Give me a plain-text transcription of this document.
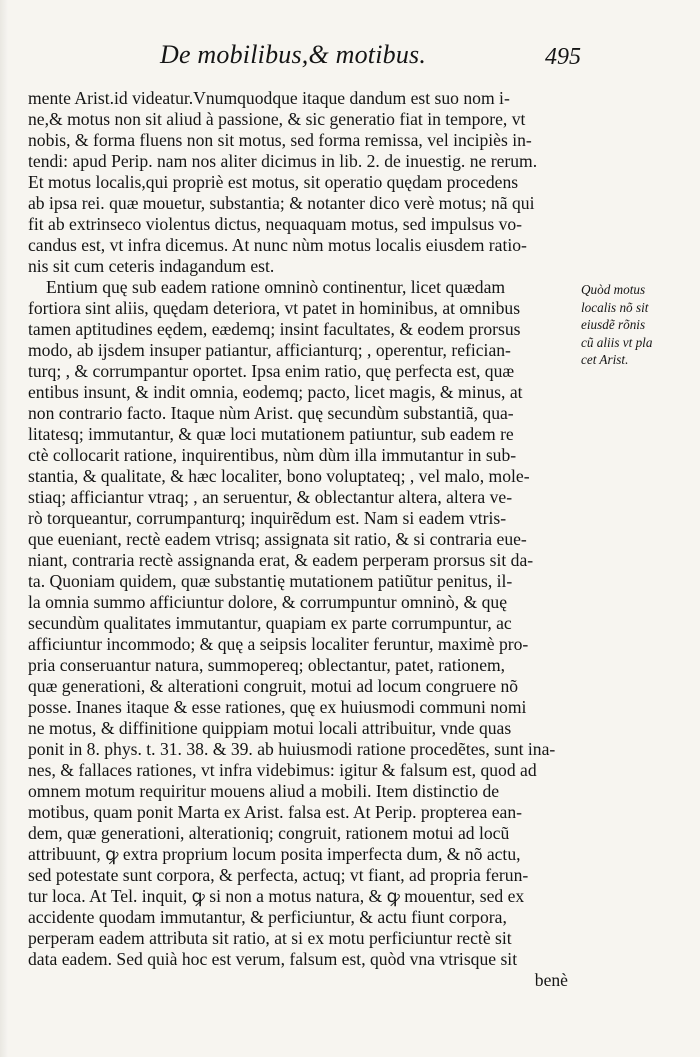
De mobilibus,& motibus.	495
mente Arist.id videatur.Vnumquodque itaque dandum est suo nom i-
ne,& motus non sit aliud à passione, & sic generatio fiat in tempore, vt
nobis, & forma fluens non sit motus, sed forma remissa, vel incipiès in-
tendi: apud Perip. nam nos aliter dicimus in lib. 2. de inuestig. ne rerum.
Et motus localis,qui propriè est motus, sit operatio quędam procedens
ab ipsa rei. quæ mouetur, substantia; & notanter dico verè motus; nã qui
fit ab extrinseco violentus dictus, nequaquam motus, sed impulsus vo-
candus est, vt infra dicemus. At nunc nùm motus localis eiusdem ratio-
nis sit cum ceteris indagandum est.
Entium quę sub eadem ratione omninò continentur, licet quædam
fortiora sint aliis, quędam deteriora, vt patet in hominibus, at omnibus
tamen aptitudines eędem, eædemq; insint facultates, & eodem prorsus
modo, ab ijsdem insuper patiantur, afficianturq; , operentur, refician-
turq; , & corrumpantur oportet. Ipsa enim ratio, quę perfecta est, quæ
entibus insunt, & indit omnia, eodemq; pacto, licet magis, & minus, at
non contrario facto. Itaque nùm Arist. quę secundùm substantiã, qua-
litatesq; immutantur, & quæ loci mutationem patiuntur, sub eadem re
ctè collocarit ratione, inquirentibus, nùm dùm illa immutantur in sub-
stantia, & qualitate, & hæc localiter, bono voluptateq; , vel malo, mole-
stiaq; afficiantur vtraq; , an seruentur, & oblectantur altera, altera ve-
rò torqueantur, corrumpanturq; inquirẽdum est. Nam si eadem vtris-
que eueniant, rectè eadem vtrisq; assignata sit ratio, & si contraria eue-
niant, contraria rectè assignanda erat, & eadem perperam prorsus sit da-
ta. Quoniam quidem, quæ substantię mutationem patiũtur penitus, il-
la omnia summo afficiuntur dolore, & corrumpuntur omninò, & quę
secundùm qualitates immutantur, quapiam ex parte corrumpuntur, ac
afficiuntur incommodo; & quę a seipsis localiter feruntur, maximè pro-
pria conseruantur natura, summopereq; oblectantur, patet, rationem,
quæ generationi, & alterationi congruit, motui ad locum congruere nõ
posse. Inanes itaque & esse rationes, quę ex huiusmodi communi nomi
ne motus, & diffinitione quippiam motui locali attribuitur, vnde quas
ponit in 8. phys. t. 31. 38. & 39. ab huiusmodi ratione procedẽtes, sunt ina-
nes, & fallaces rationes, vt infra videbimus: igitur & falsum est, quod ad
omnem motum requiritur mouens aliud a mobili. Item distinctio de
motibus, quam ponit Marta ex Arist. falsa est. At Perip. propterea ean-
dem, quæ generationi, alterationiq; congruit, rationem motui ad locũ
attribuunt, ꝙ extra proprium locum posita imperfecta dum, & nõ actu,
sed potestate sunt corpora, & perfecta, actuq; vt fiant, ad propria ferun-
tur loca. At Tel. inquit, ꝙ si non a motus natura, & ꝙ mouentur, sed ex
accidente quodam immutantur, & perficiuntur, & actu fiunt corpora,
perperam eadem attributa sit ratio, at si ex motu perficiuntur rectè sit
data eadem. Sed quià hoc est verum, falsum est, quòd vna vtrisque sit
benè
Quòd motus
localis nõ sit
eiusdẽ rõnis
cũ aliis vt pla
cet Arist.
